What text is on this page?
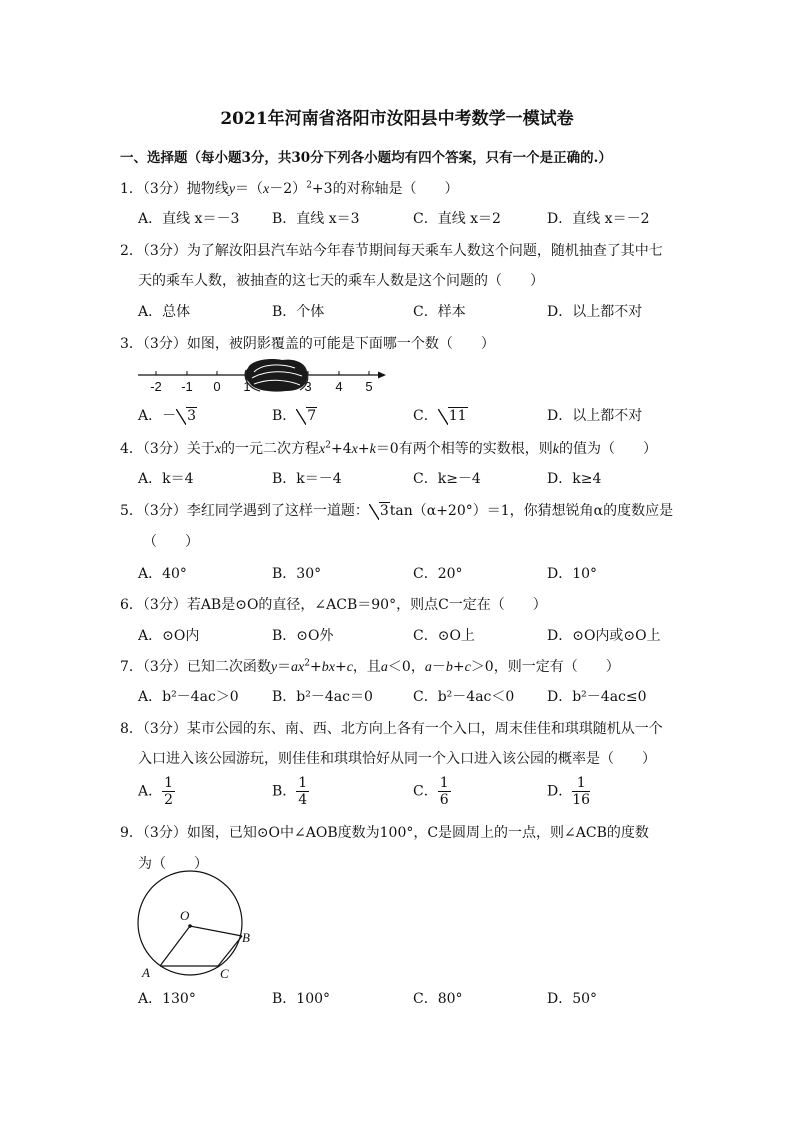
2021年河南省洛阳市汝阳县中考数学一模试卷
一、选择题（每小题3分，共30分下列各小题均有四个答案，只有一个是正确的.）
1．（3分）抛物线$y=(x-2)^2+3$的对称轴是（　　）
A．直线 x＝－3 B．直线 x＝3	C．直线 x＝2	D．直线 x＝－2
2．（3分）为了解汝阳县汽车站今年春节期间每天乘车人数这个问题，随机抽查了其中七
天的乘车人数，被抽查的这七天的乘车人数是这个问题的（　　）
A．总体	B．个体	C．样本	D．以上都不对
3．（3分）如图，被阴影覆盖的可能是下面哪一个数（　　）
-2 -1 0 1	3 4 5
A．－ 3	B． 7	C． 11	D．以上都不对
4．（3分）关于x的一元二次方程$x^2+4x+k=0$有两个相等的实数根，则k的值为（　　）
A．k＝4	B．k＝－4	C．k≥－4	D．k≥4
5．（3分）李红同学遇到了这样一道题： 3tan（α+20°）＝1，你猜想锐角α的度数应是
（　　）
A．40°	B．30°	C．20°	D．10°
6．（3分）若AB是⊙O的直径，∠ACB＝90°，则点C一定在（　　）
A．⊙O内	B．⊙O外	C．⊙O上	D．⊙O内或⊙O上
7．（3分）已知二次函数$y=ax^2+bx+c$，且a＜0，a－b+c＞0，则一定有（　　）
A．b²－4ac＞0 B．b²－4ac＝0	C．b²－4ac＜0 D．b²－4ac≤0
8．（3分）某市公园的东、南、西、北方向上各有一个入口，周末佳佳和琪琪随机从一个
入口进入该公园游玩，则佳佳和琪琪恰好从同一个入口进入该公园的概率是（　　）
A． $\frac{1}{2}$	B． $\frac{1}{4}$	C． $\frac{1}{6}$	D． $\frac{1}{16}$
9．（3分）如图，已知⊙O中∠AOB度数为100°，C是圆周上的一点，则∠ACB的度数
为（　　）
O
A
B
C
A．130°	B．100°	C．80°	D．50°
